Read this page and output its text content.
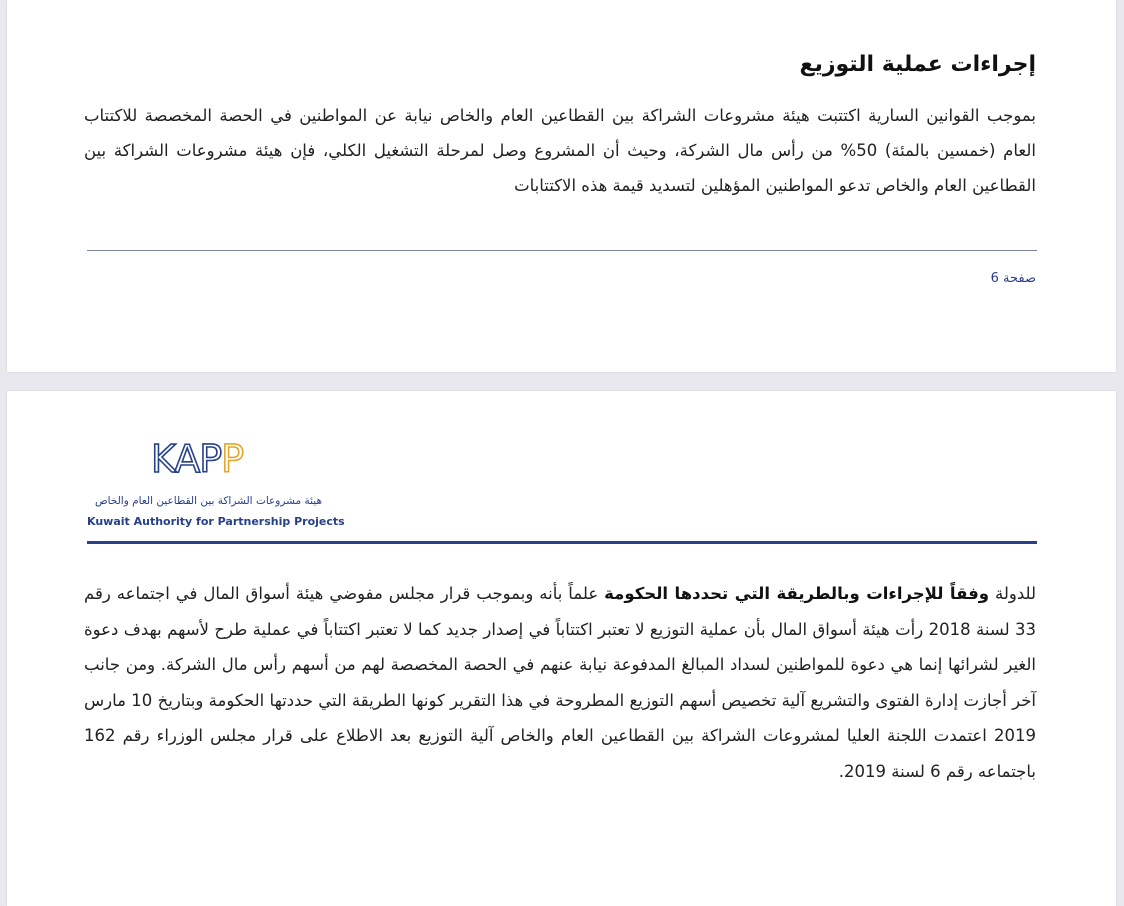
إجراءات عملية التوزيع

بموجب القوانين السارية اكتتبت هيئة مشروعات الشراكة بين القطاعين العام والخاص نيابة عن المواطنين في الحصة المخصصة للاكتتاب العام (خمسين بالمئة) 50% من رأس مال الشركة، وحيث أن المشروع وصل لمرحلة التشغيل الكلي، فإن هيئة مشروعات الشراكة بين القطاعين العام والخاص تدعو المواطنين المؤهلين لتسديد قيمة هذه الاكتتابات

صفحة 6
KAPP
هيئة مشروعات الشراكة بين القطاعين العام والخاص
Kuwait Authority for Partnership Projects

للدولة وفقاً للإجراءات وبالطريقة التي تحددها الحكومة علماً بأنه وبموجب قرار مجلس مفوضي هيئة أسواق المال في اجتماعه رقم 33 لسنة 2018 رأت هيئة أسواق المال بأن عملية التوزيع لا تعتبر اكتتاباً في إصدار جديد كما لا تعتبر اكتتاباً في عملية طرح لأسهم بهدف دعوة الغير لشرائها إنما هي دعوة للمواطنين لسداد المبالغ المدفوعة نيابة عنهم في الحصة المخصصة لهم من أسهم رأس مال الشركة. ومن جانب آخر أجازت إدارة الفتوى والتشريع آلية تخصيص أسهم التوزيع المطروحة في هذا التقرير كونها الطريقة التي حددتها الحكومة وبتاريخ 10 مارس 2019 اعتمدت اللجنة العليا لمشروعات الشراكة بين القطاعين العام والخاص آلية التوزيع بعد الاطلاع على قرار مجلس الوزراء رقم 162 باجتماعه رقم 6 لسنة 2019.
